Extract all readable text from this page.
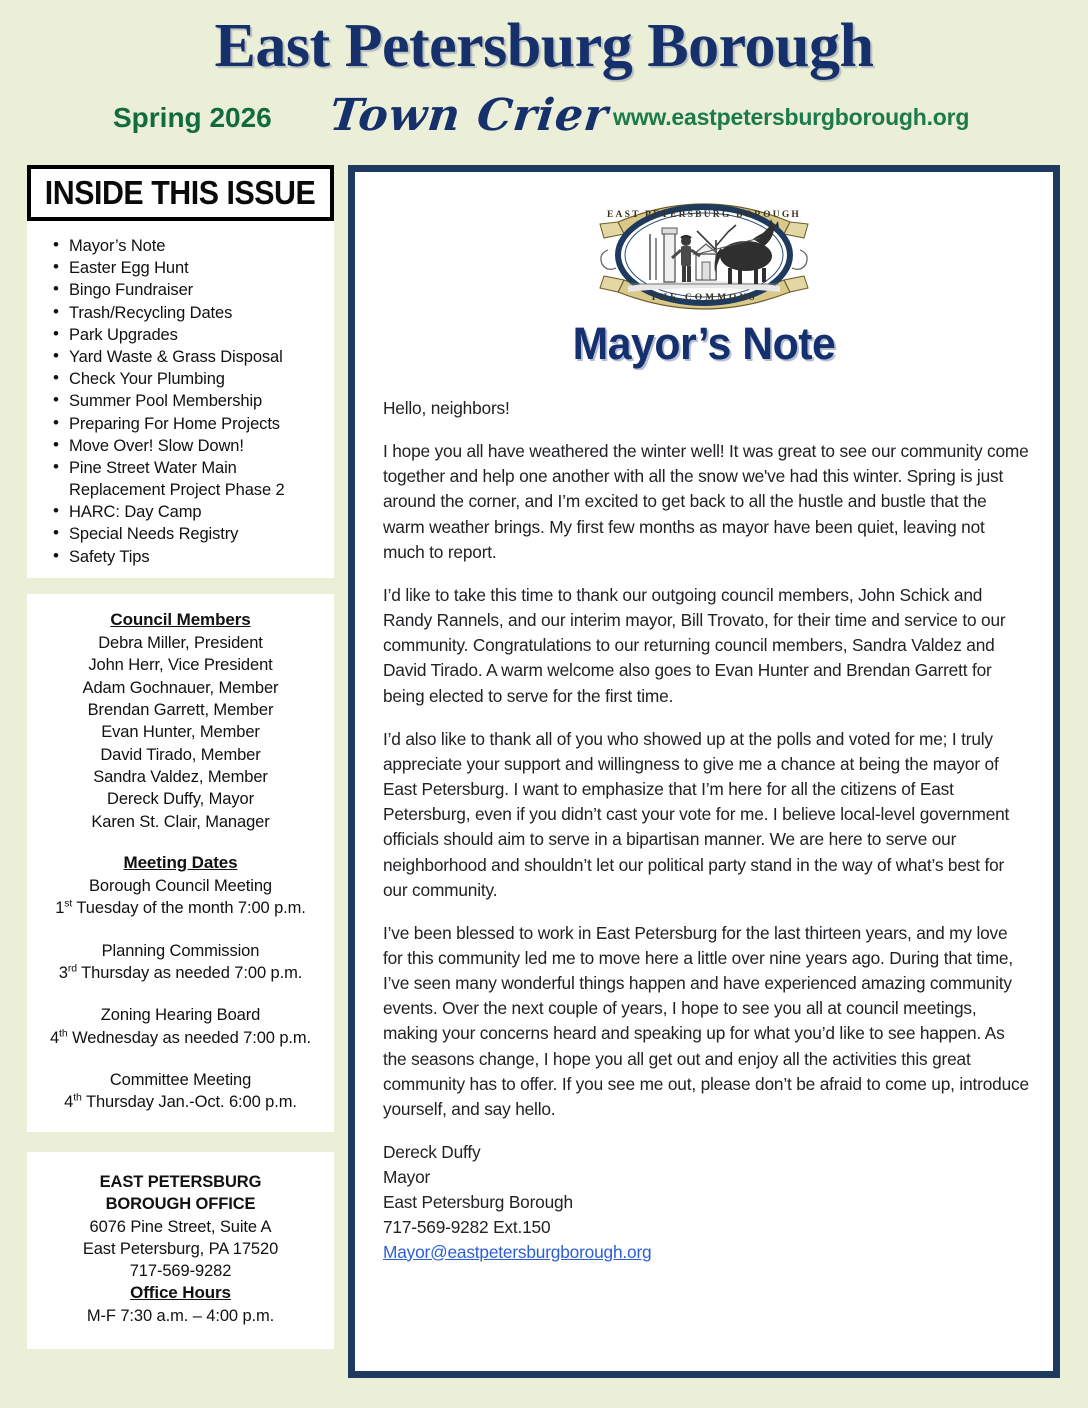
East Petersburg Borough
Spring 2026 Town Crier www.eastpetersburgborough.org
INSIDE THIS ISSUE
• Mayor’s Note
• Easter Egg Hunt
• Bingo Fundraiser
• Trash/Recycling Dates
• Park Upgrades
• Yard Waste & Grass Disposal
• Check Your Plumbing
• Summer Pool Membership
• Preparing For Home Projects
• Move Over! Slow Down!
• Pine Street Water Main
Replacement Project Phase 2
• HARC: Day Camp
• Special Needs Registry
• Safety Tips
Council Members
Debra Miller, President
John Herr, Vice President
Adam Gochnauer, Member
Brendan Garrett, Member
Evan Hunter, Member
David Tirado, Member
Sandra Valdez, Member
Dereck Duffy, Mayor
Karen St. Clair, Manager
Meeting Dates
Borough Council Meeting
1st Tuesday of the month 7:00 p.m.
Planning Commission
3rd Thursday as needed 7:00 p.m.
Zoning Hearing Board
4th Wednesday as needed 7:00 p.m.
Committee Meeting
4th Thursday Jan.-Oct. 6:00 p.m.
EAST PETERSBURG
BOROUGH OFFICE
6076 Pine Street, Suite A
East Petersburg, PA 17520
717-569-9282
Office Hours
M-F 7:30 a.m. – 4:00 p.m.
EAST PETERSBURG BOROUGH
THE COMMONS
Mayor’s Note

Hello, neighbors!

I hope you all have weathered the winter well! It was great to see our community come together and help one another with all the snow we've had this winter. Spring is just around the corner, and I’m excited to get back to all the hustle and bustle that the warm weather brings. My first few months as mayor have been quiet, leaving not much to report.

I’d like to take this time to thank our outgoing council members, John Schick and Randy Rannels, and our interim mayor, Bill Trovato, for their time and service to our community. Congratulations to our returning council members, Sandra Valdez and David Tirado. A warm welcome also goes to Evan Hunter and Brendan Garrett for being elected to serve for the first time.

I’d also like to thank all of you who showed up at the polls and voted for me; I truly appreciate your support and willingness to give me a chance at being the mayor of East Petersburg. I want to emphasize that I’m here for all the citizens of East Petersburg, even if you didn’t cast your vote for me. I believe local-level government officials should aim to serve in a bipartisan manner. We are here to serve our neighborhood and shouldn’t let our political party stand in the way of what’s best for our community.

I’ve been blessed to work in East Petersburg for the last thirteen years, and my love for this community led me to move here a little over nine years ago. During that time, I’ve seen many wonderful things happen and have experienced amazing community events. Over the next couple of years, I hope to see you all at council meetings, making your concerns heard and speaking up for what you’d like to see happen. As the seasons change, I hope you all get out and enjoy all the activities this great community has to offer. If you see me out, please don’t be afraid to come up, introduce yourself, and say hello.

Dereck Duffy

Mayor

East Petersburg Borough

717-569-9282 Ext.150

Mayor@eastpetersburgborough.org
